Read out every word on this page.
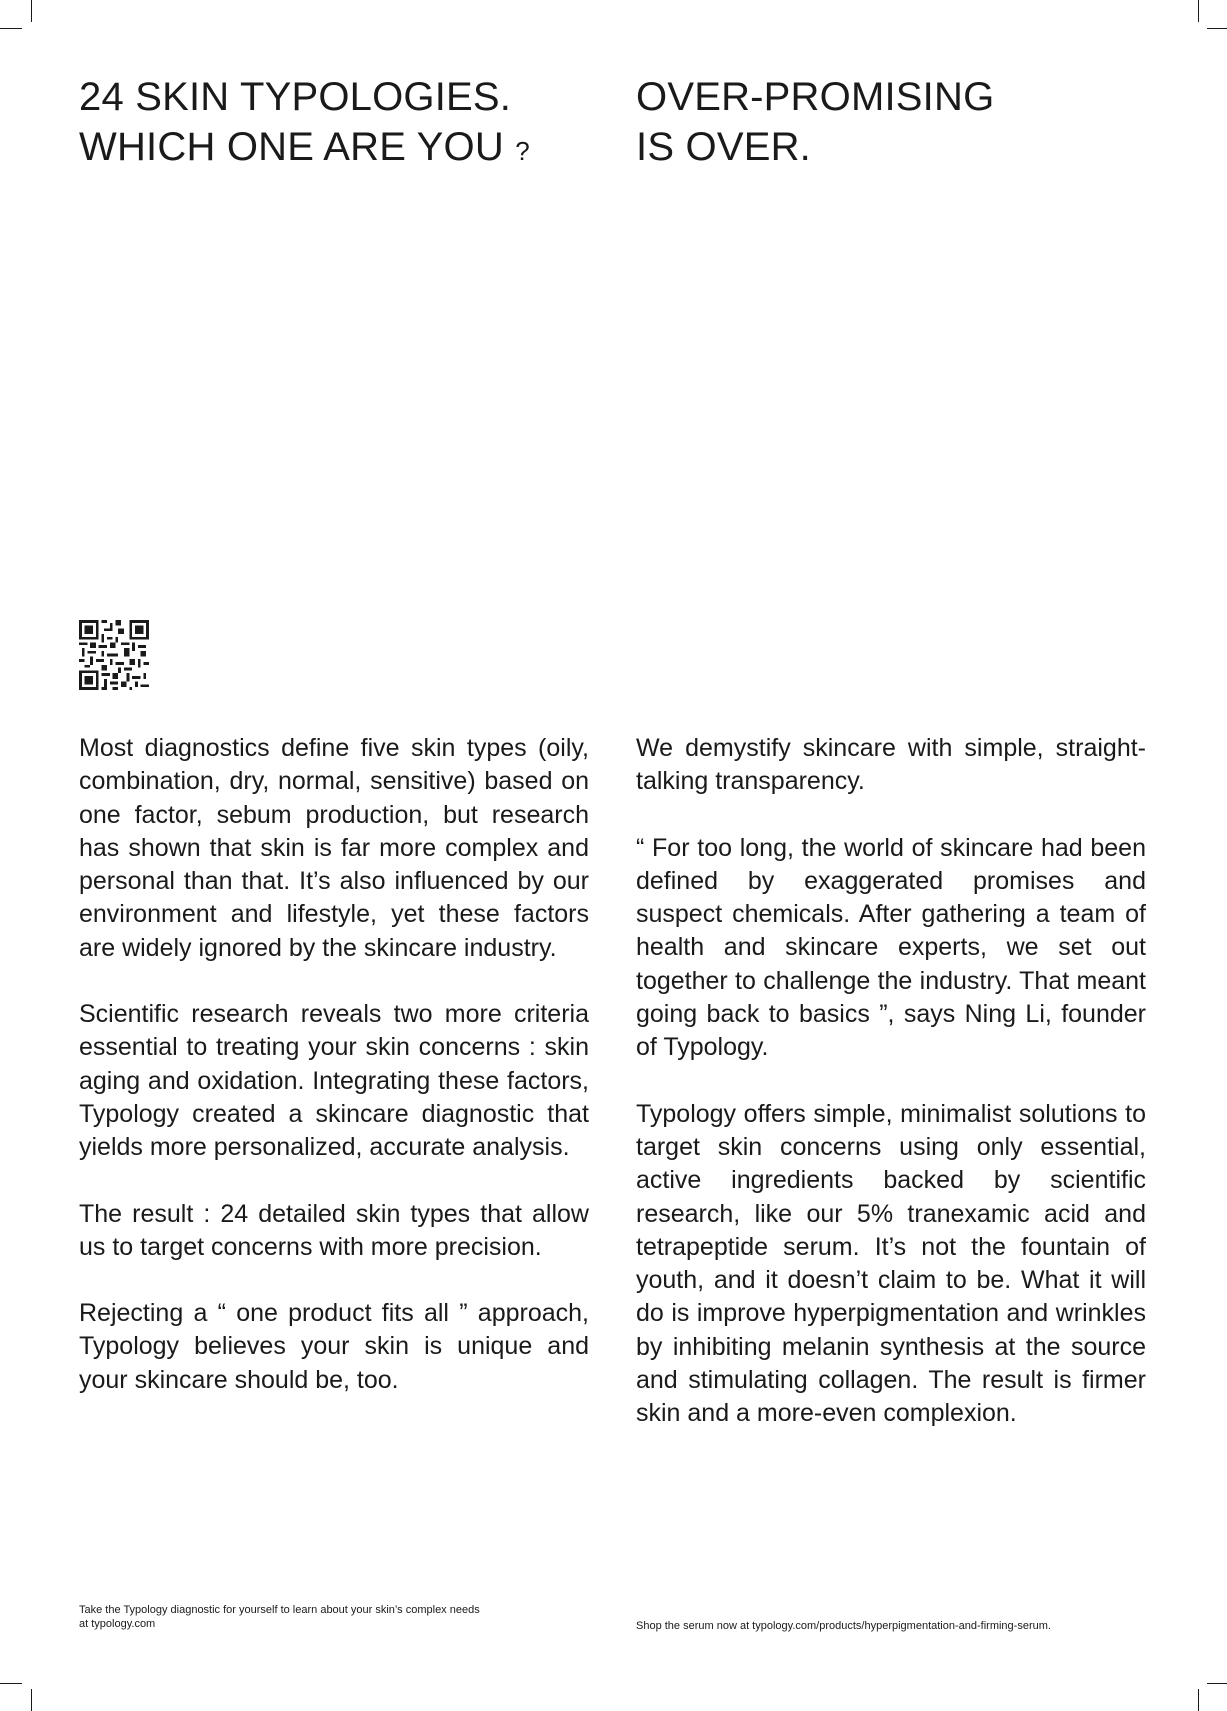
24 SKIN TYPOLOGIES.
WHICH ONE ARE YOU ?
OVER-PROMISING
IS OVER.

Most diagnostics define five skin types (oily, combination, dry, normal, sensitive) based on one factor, sebum production, but research has shown that skin is far more complex and personal than that. It’s also influenced by our environment and lifestyle, yet these factors are widely ignored by the skincare industry.

Scientific research reveals two more criteria essential to treating your skin concerns : skin aging and oxidation. Integrating these factors, Typology created a skincare diagnostic that yields more personalized, accurate analysis.

The result : 24 detailed skin types that allow us to target concerns with more precision.

Rejecting a “ one product fits all ” approach, Typology believes your skin is unique and your skincare should be, too.

We demystify skincare with simple, straight-talking transparency.

“ For too long, the world of skincare had been defined by exaggerated promises and suspect chemicals. After gathering a team of health and skincare experts, we set out together to challenge the industry. That meant going back to basics ”, says Ning Li, founder of Typology.

Typology offers simple, minimalist solutions to target skin concerns using only essential, active ingredients backed by scientific research, like our 5% tranexamic acid and tetrapeptide serum. It’s not the fountain of youth, and it doesn’t claim to be. What it will do is improve hyperpigmentation and wrinkles by inhibiting melanin synthesis at the source and stimulating collagen. The result is firmer skin and a more-even complexion.

Take the Typology diagnostic for yourself to learn about your skin’s complex needs
at typology.com	Shop the serum now at typology.com/products/hyperpigmentation-and-firming-serum.
